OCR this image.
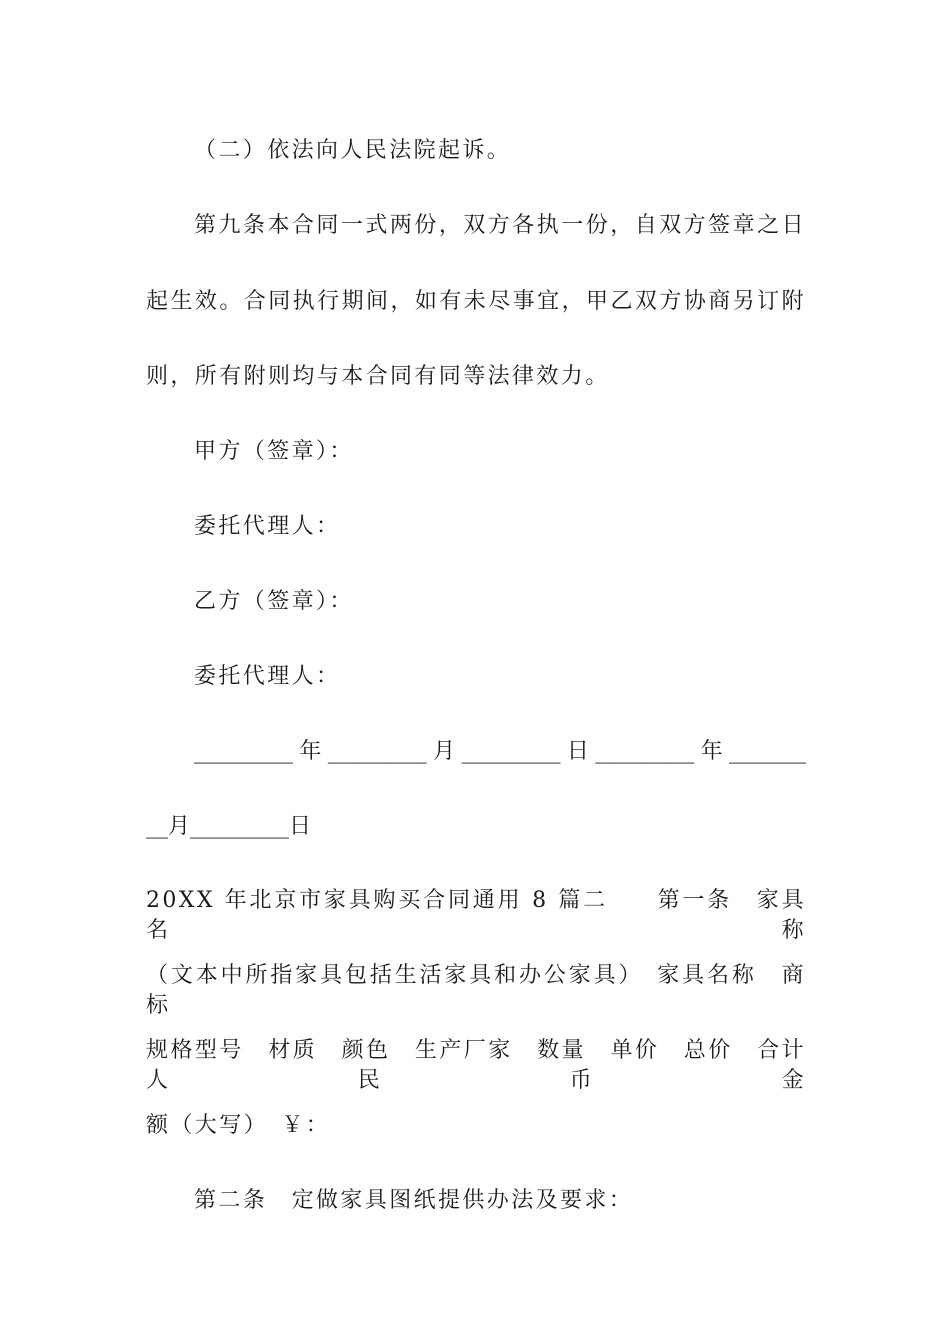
（二）依法向人民法院起诉。
第九条本合同一式两份，双方各执一份，自双方签章之日
起生效。合同执行期间，如有未尽事宜，甲乙双方协商另订附
则，所有附则均与本合同有同等法律效力。
甲方（签章）：
委托代理人：
乙方（签章）：
委托代理人：
_________年_________月_________日_________年_______
__月_________日
20XX 年北京市家具购买合同通用 8 篇二　　第一条　家具名称
（文本中所指家具包括生活家具和办公家具）　家具名称　商标
规格型号　材质　颜色　生产厂家　数量　单价　总价　合计人民币金
额（大写）　￥：
第二条　定做家具图纸提供办法及要求：
